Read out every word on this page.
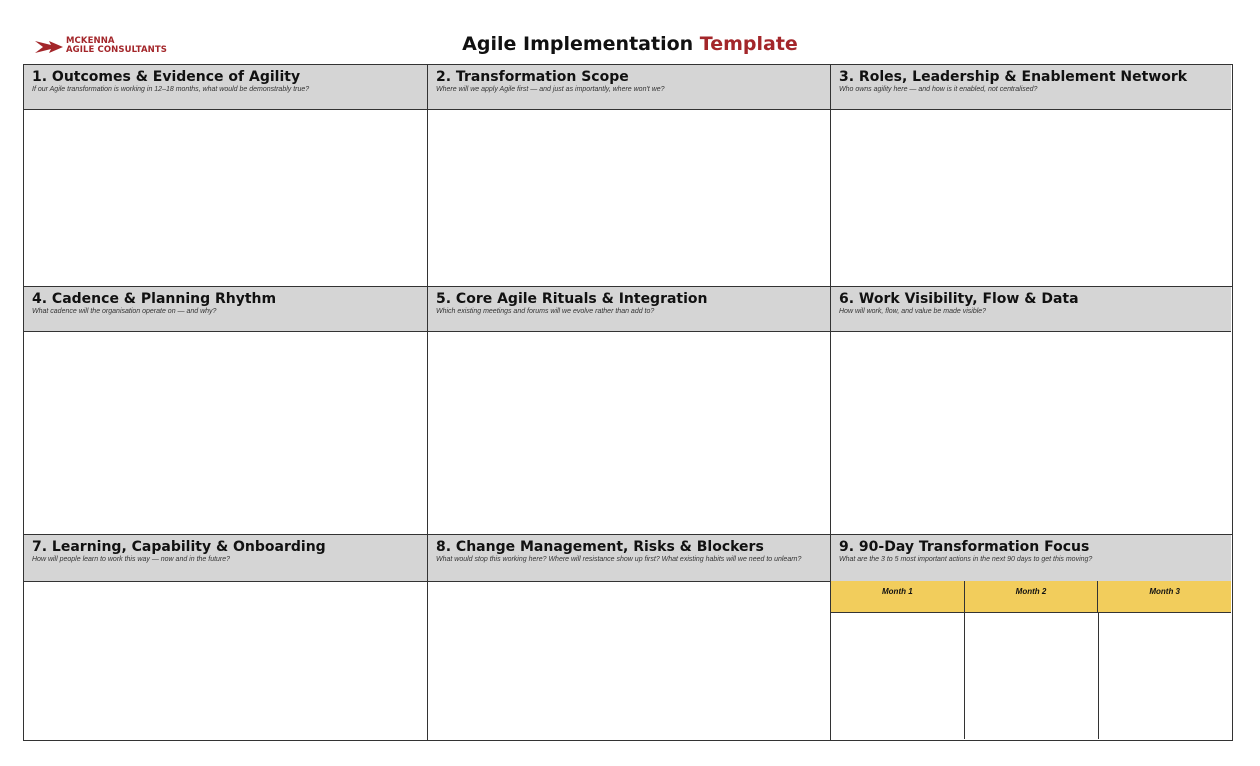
MCKENNA
AGILE CONSULTANTS	Agile Implementation Template
1. Outcomes & Evidence of Agility

If our Agile transformation is working in 12–18 months, what would be demonstrably true?

2. Transformation Scope

Where will we apply Agile first — and just as importantly, where won't we?

3. Roles, Leadership & Enablement Network

Who owns agility here — and how is it enabled, not centralised?

4. Cadence & Planning Rhythm

What cadence will the organisation operate on — and why?

5. Core Agile Rituals & Integration

Which existing meetings and forums will we evolve rather than add to?

6. Work Visibility, Flow & Data

How will work, flow, and value be made visible?

7. Learning, Capability & Onboarding

How will people learn to work this way — now and in the future?

8. Change Management, Risks & Blockers

What would stop this working here? Where will resistance show up first? What existing habits will we need to unlearn?

9. 90-Day Transformation Focus

What are the 3 to 5 most important actions in the next 90 days to get this moving?

Month 1	Month 2	Month 3
